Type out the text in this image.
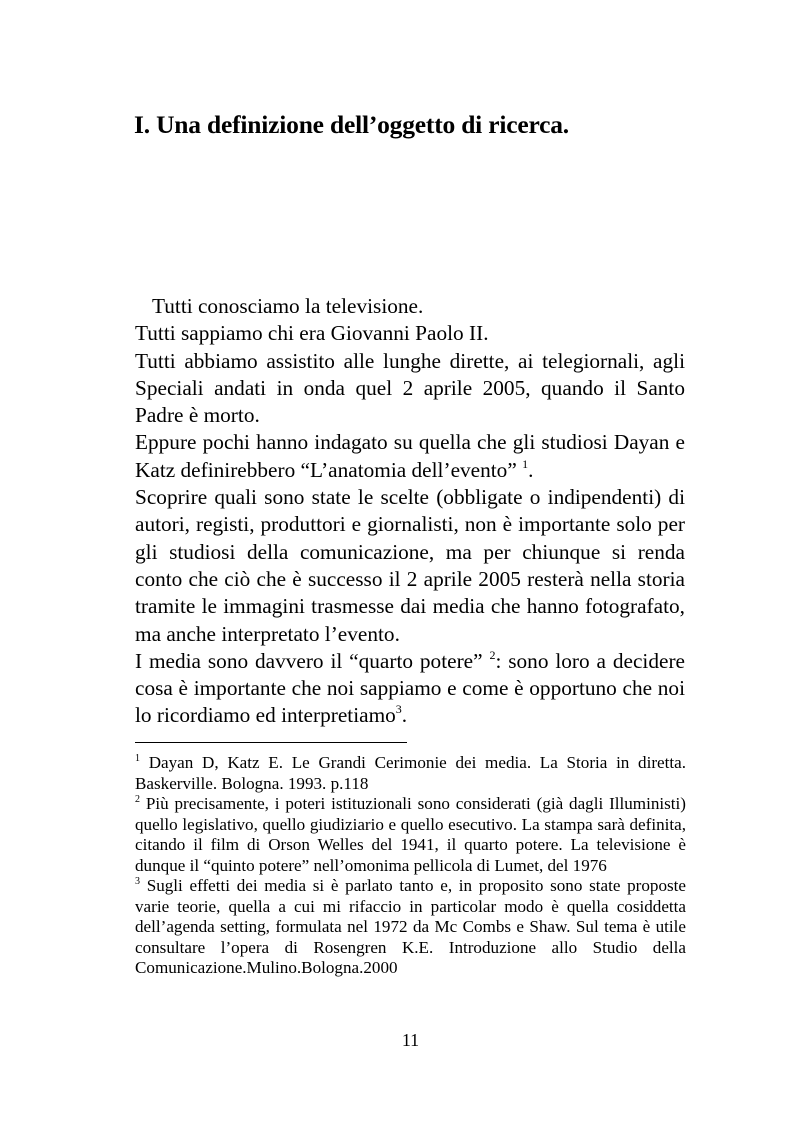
I. Una definizione dell’oggetto di ricerca.

Tutti conosciamo la televisione.

Tutti sappiamo chi era Giovanni Paolo II.

Tutti abbiamo assistito alle lunghe dirette, ai telegiornali, agli Speciali andati in onda quel 2 aprile 2005, quando il Santo Padre è morto.

Eppure pochi hanno indagato su quella che gli studiosi Dayan e Katz definirebbero “L’anatomia dell’evento” $^1$.

Scoprire quali sono state le scelte (obbligate o indipendenti) di autori, registi, produttori e giornalisti, non è importante solo per gli studiosi della comunicazione, ma per chiunque si renda conto che ciò che è successo il 2 aprile 2005 resterà nella storia tramite le immagini trasmesse dai media che hanno fotografato, ma anche interpretato l’evento.

I media sono davvero il “quarto potere” $^2$: sono loro a decidere cosa è importante che noi sappiamo e come è opportuno che noi lo ricordiamo ed interpretiamo$^3$.

$^1$ Dayan D, Katz E. Le Grandi Cerimonie dei media. La Storia in diretta. Baskerville. Bologna. 1993. p.118

$^2$ Più precisamente, i poteri istituzionali sono considerati (già dagli Illuministi) quello legislativo, quello giudiziario e quello esecutivo. La stampa sarà definita, citando il film di Orson Welles del 1941, il quarto potere. La televisione è dunque il “quinto potere” nell’omonima pellicola di Lumet, del 1976

$^3$ Sugli effetti dei media si è parlato tanto e, in proposito sono state proposte varie teorie, quella a cui mi rifaccio in particolar modo è quella cosiddetta dell’agenda setting, formulata nel 1972 da Mc Combs e Shaw. Sul tema è utile consultare l’opera di Rosengren K.E. Introduzione allo Studio della Comunicazione.Mulino.Bologna.2000

11
